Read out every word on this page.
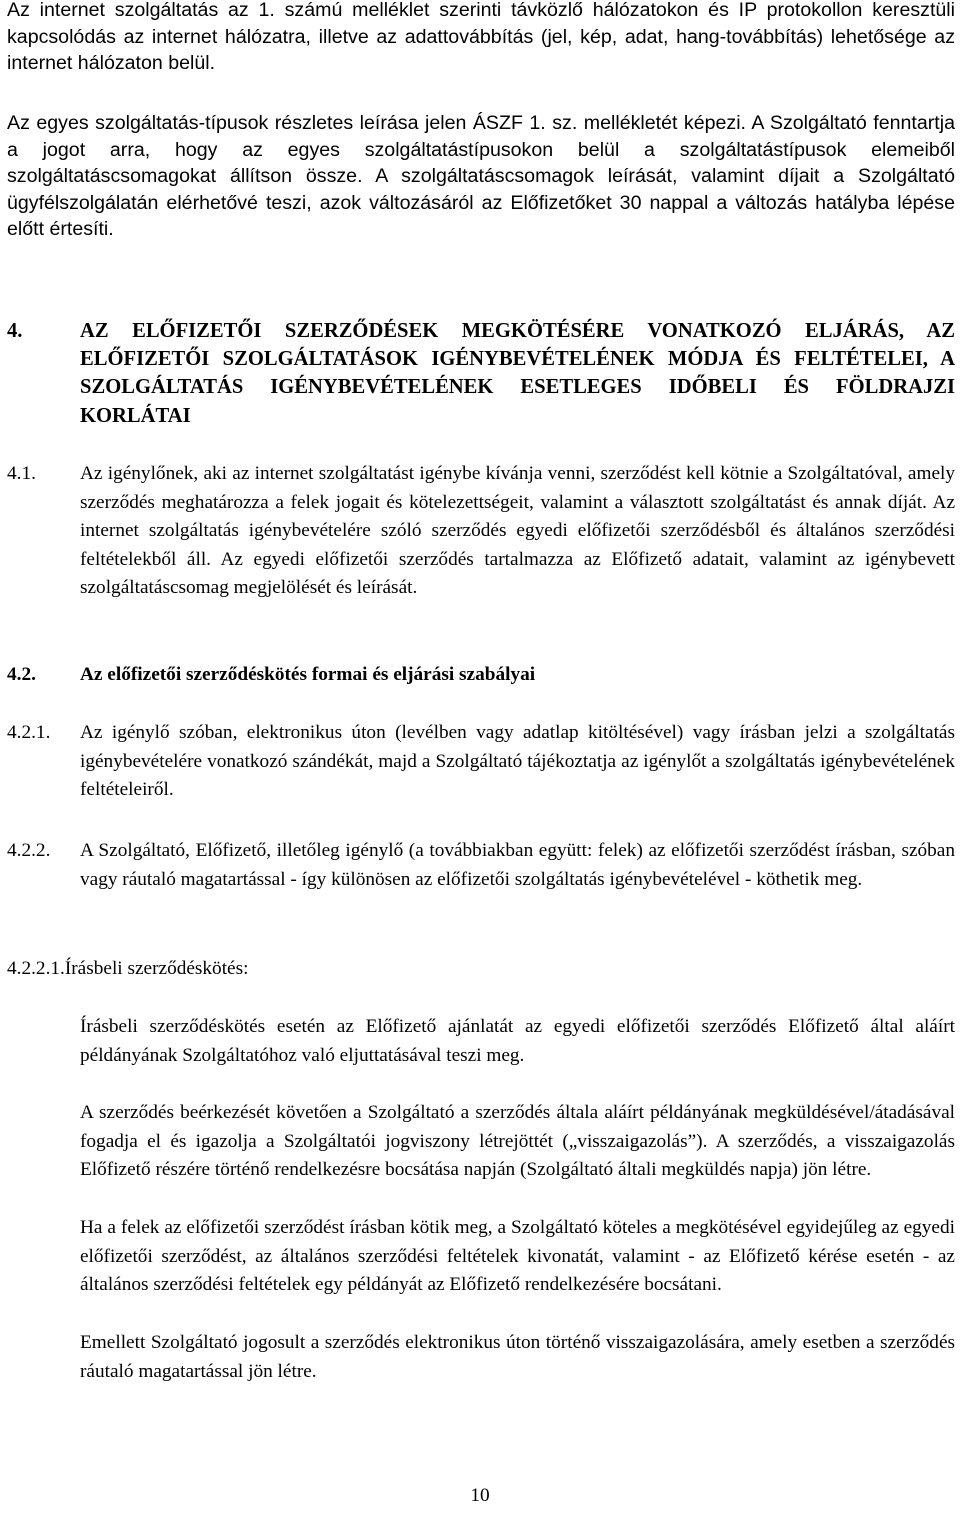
Az internet szolgáltatás az 1. számú melléklet szerinti távközlő hálózatokon és IP protokollon keresztüli kapcsolódás az internet hálózatra, illetve az adattovábbítás (jel, kép, adat, hang-továbbítás) lehetősége az internet hálózaton belül.
Az egyes szolgáltatás-típusok részletes leírása jelen ÁSZF 1. sz. mellékletét képezi. A Szolgáltató fenntartja a jogot arra, hogy az egyes szolgáltatástípusokon belül a szolgáltatástípusok elemeiből szolgáltatáscsomagokat állítson össze. A szolgáltatáscsomagok leírását, valamint díjait a Szolgáltató ügyfélszolgálatán elérhetővé teszi, azok változásáról az Előfizetőket 30 nappal a változás hatályba lépése előtt értesíti.
4.	AZ ELŐFIZETŐI SZERZŐDÉSEK MEGKÖTÉSÉRE VONATKOZÓ ELJÁRÁS, AZ ELŐFIZETŐI SZOLGÁLTATÁSOK IGÉNYBEVÉTELÉNEK MÓDJA ÉS FELTÉTELEI, A SZOLGÁLTATÁS IGÉNYBEVÉTELÉNEK ESETLEGES IDŐBELI ÉS FÖLDRAJZI KORLÁTAI
4.1.	Az igénylőnek, aki az internet szolgáltatást igénybe kívánja venni, szerződést kell kötnie a Szolgáltatóval, amely szerződés meghatározza a felek jogait és kötelezettségeit, valamint a választott szolgáltatást és annak díját. Az internet szolgáltatás igénybevételére szóló szerződés egyedi előfizetői szerződésből és általános szerződési feltételekből áll. Az egyedi előfizetői szerződés tartalmazza az Előfizető adatait, valamint az igénybevett szolgáltatáscsomag megjelölését és leírását.
4.2.	Az előfizetői szerződéskötés formai és eljárási szabályai
4.2.1.	Az igénylő szóban, elektronikus úton (levélben vagy adatlap kitöltésével) vagy írásban jelzi a szolgáltatás igénybevételére vonatkozó szándékát, majd a Szolgáltató tájékoztatja az igénylőt a szolgáltatás igénybevételének feltételeiről.
4.2.2.	A Szolgáltató, Előfizető, illetőleg igénylő (a továbbiakban együtt: felek) az előfizetői szerződést írásban, szóban vagy ráutaló magatartással - így különösen az előfizetői szolgáltatás igénybevételével - köthetik meg.
4.2.2.1. Írásbeli szerződéskötés:
Írásbeli szerződéskötés esetén az Előfizető ajánlatát az egyedi előfizetői szerződés Előfizető által aláírt példányának Szolgáltatóhoz való eljuttatásával teszi meg.
A szerződés beérkezését követően a Szolgáltató a szerződés általa aláírt példányának megküldésével/átadásával fogadja el és igazolja a Szolgáltatói jogviszony létrejöttét („visszaigazolás”). A szerződés, a visszaigazolás Előfizető részére történő rendelkezésre bocsátása napján (Szolgáltató általi megküldés napja) jön létre.
Ha a felek az előfizetői szerződést írásban kötik meg, a Szolgáltató köteles a megkötésével egyidejűleg az egyedi előfizetői szerződést, az általános szerződési feltételek kivonatát, valamint - az Előfizető kérése esetén - az általános szerződési feltételek egy példányát az Előfizető rendelkezésére bocsátani.
Emellett Szolgáltató jogosult a szerződés elektronikus úton történő visszaigazolására, amely esetben a szerződés ráutaló magatartással jön létre.
10
